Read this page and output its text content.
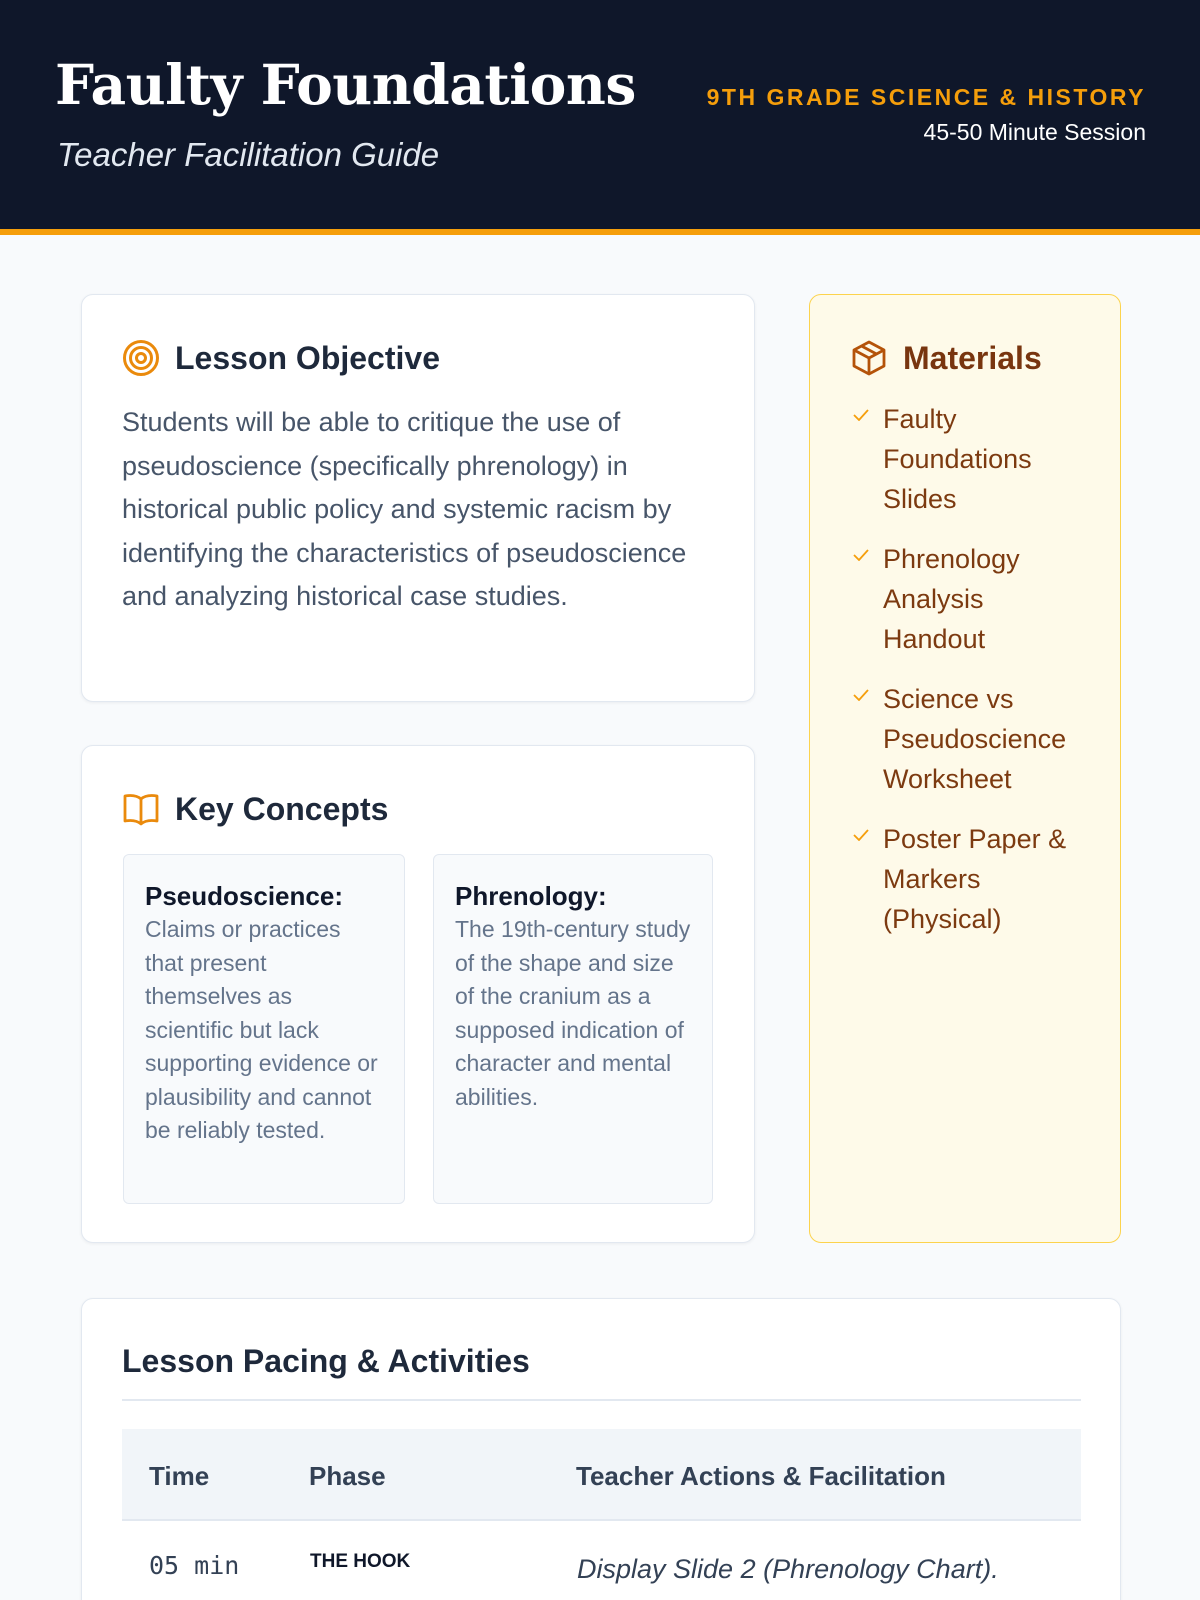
Faulty Foundations
Teacher Facilitation Guide
9TH GRADE SCIENCE & HISTORY
45-50 Minute Session
Lesson Objective

Students will be able to critique the use of pseudoscience (specifically phrenology) in historical public policy and systemic racism by identifying the characteristics of pseudoscience and analyzing historical case studies.

Key Concepts
Pseudoscience:
Claims or practices that present themselves as scientific but lack supporting evidence or plausibility and cannot be reliably tested.
Phrenology:
The 19th-century study of the shape and size of the cranium as a supposed indication of character and mental abilities.
Materials
Faulty Foundations Slides
Phrenology Analysis Handout
Science vs Pseudoscience Worksheet
Poster Paper & Markers (Physical)
Lesson Pacing & Activities
Time	Phase	Teacher Actions & Facilitation
05 min	THE HOOK	Display Slide 2 (Phrenology Chart).
